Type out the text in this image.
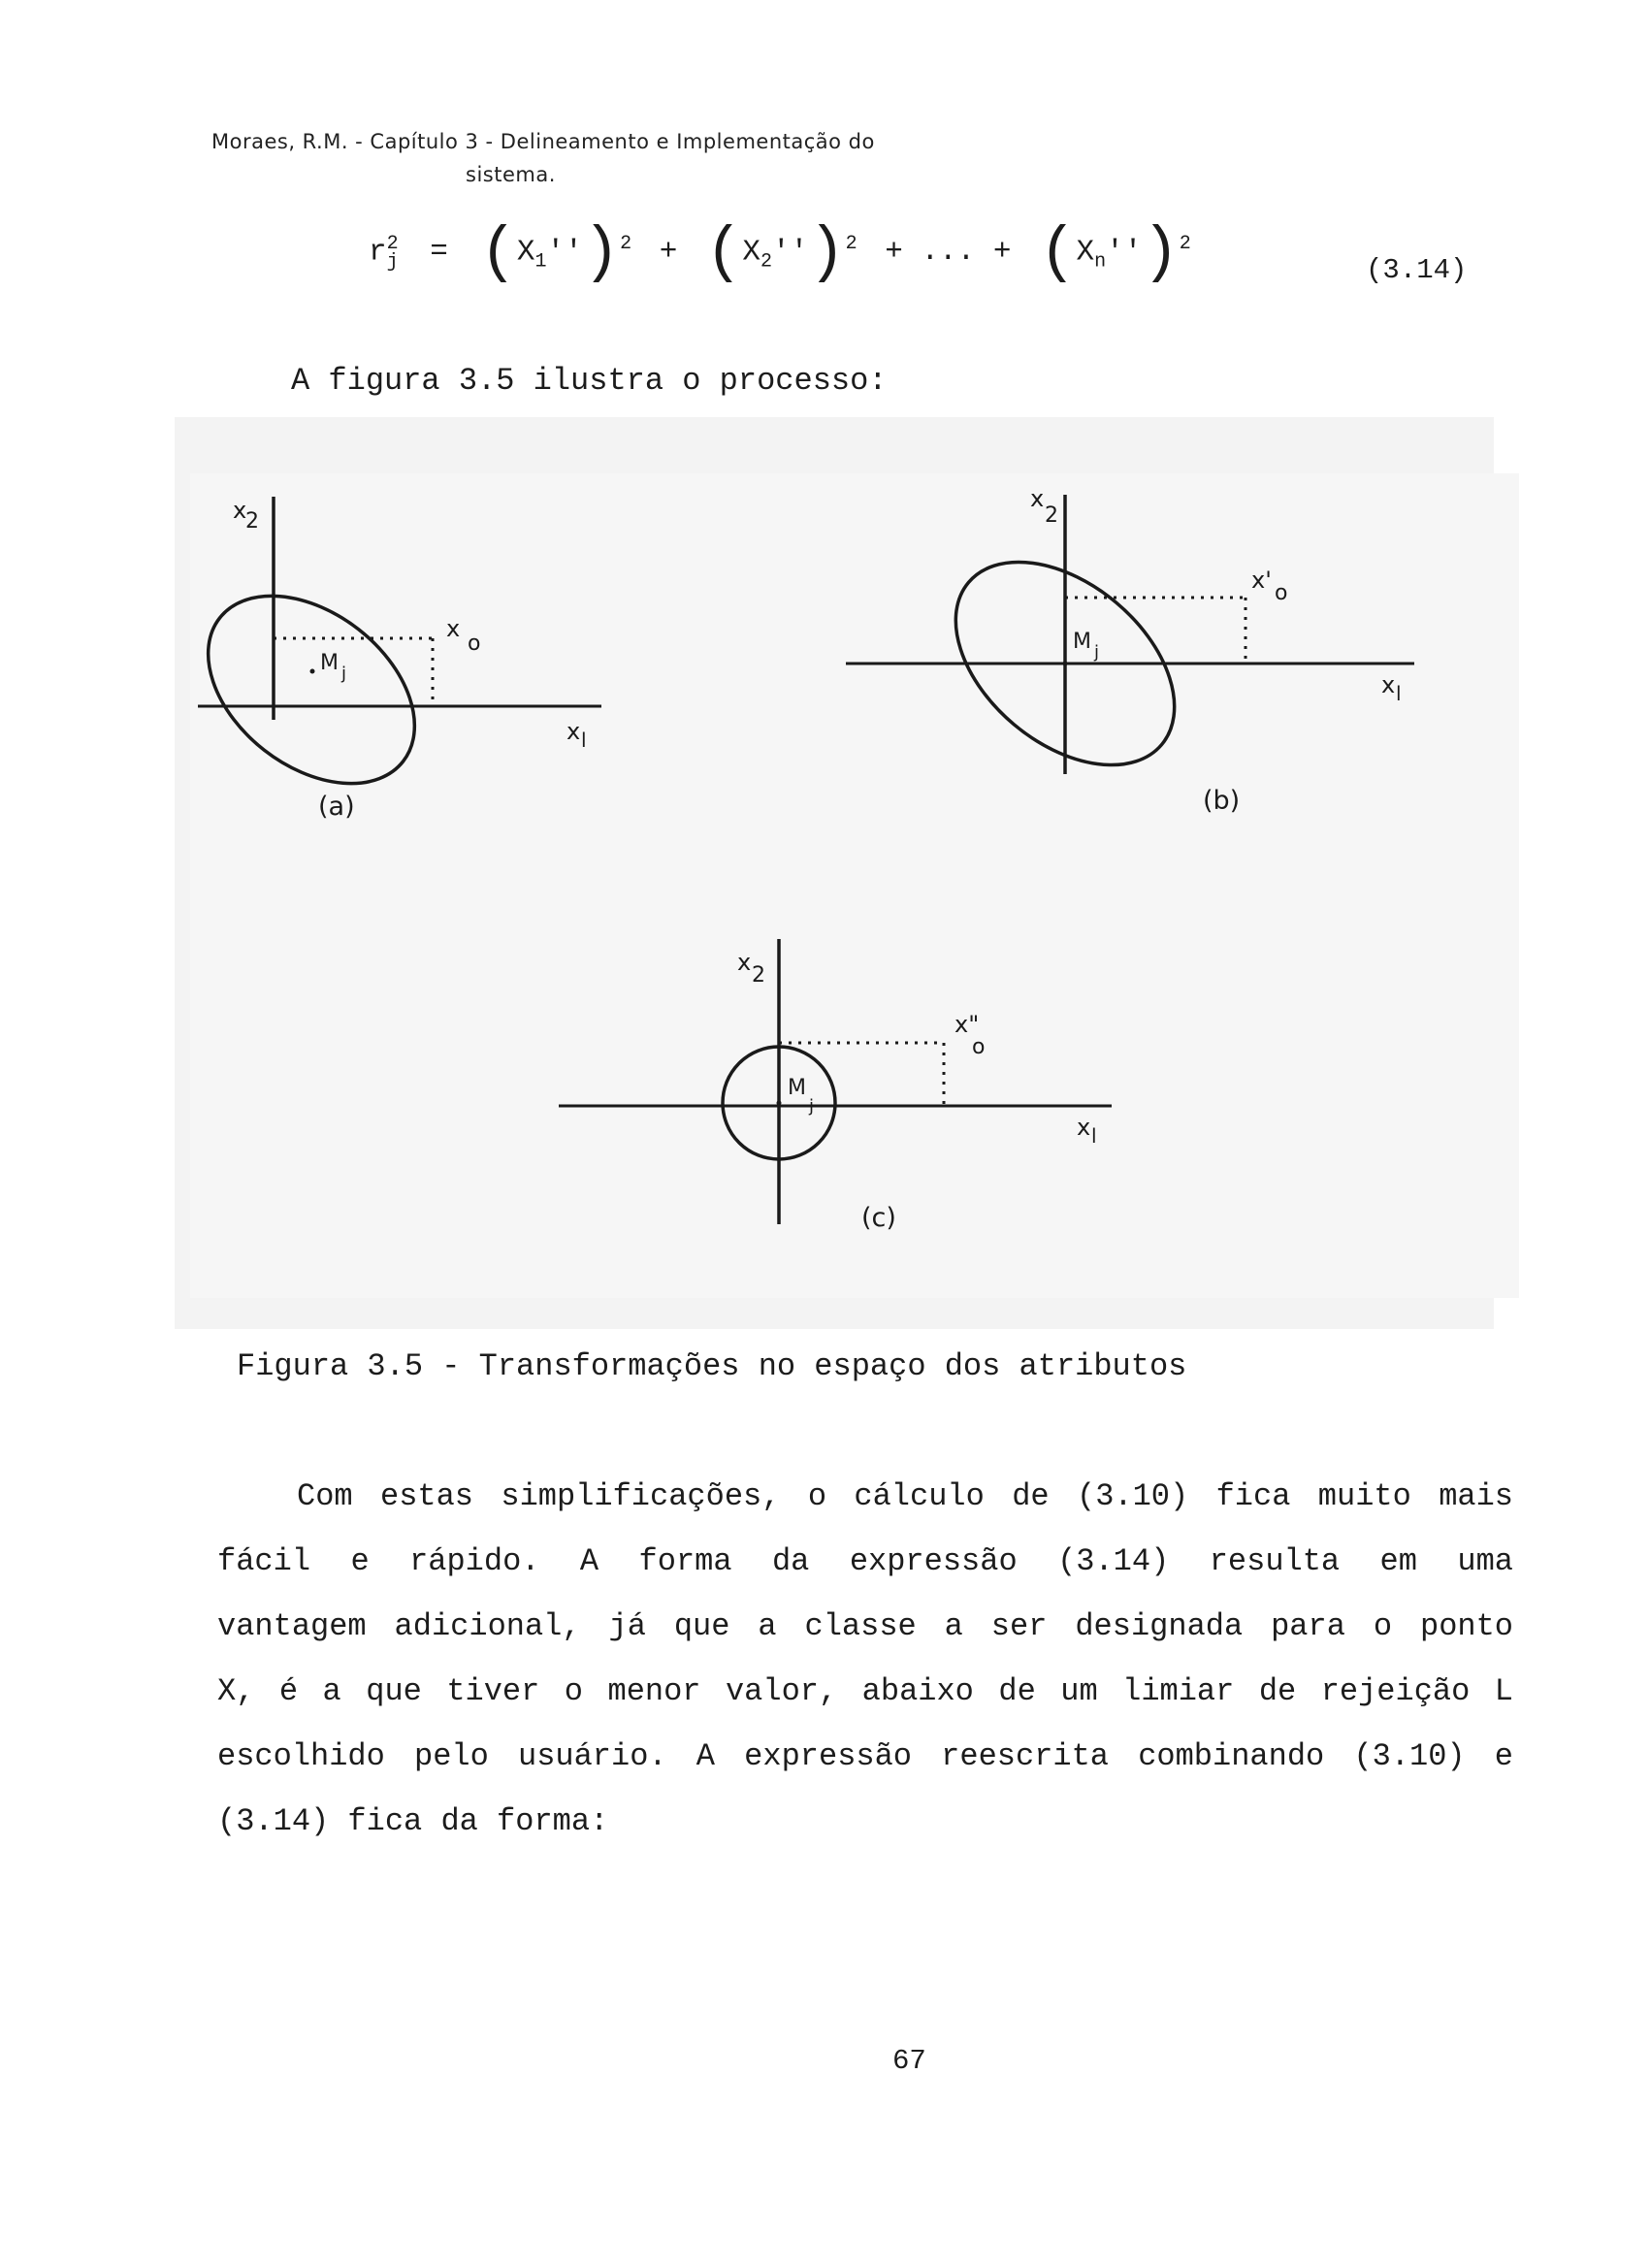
Moraes, R.M. - Capítulo 3 - Delineamento e Implementação do
sistema.
$r^2_j = (X_1'')^2 + (X_2'')^2$ + ... + $(X_n'')^2$
(3.14)
A figura 3.5 ilustra o processo:
x
2
x
o
M j
x l
(a)
x
2
x' o
M j
x l
(b)
x 2
x"
o
M
j
x l
(c)
Figura 3.5 - Transformações no espaço dos atributos
Com estas simplificações, o cálculo de (3.10) fica muito mais
fácil e rápido. A forma da expressão (3.14) resulta em uma
vantagem adicional, já que a classe a ser designada para o ponto
X, é a que tiver o menor valor, abaixo de um limiar de rejeição L
escolhido pelo usuário. A expressão reescrita combinando (3.10) e
(3.14) fica da forma:
67
